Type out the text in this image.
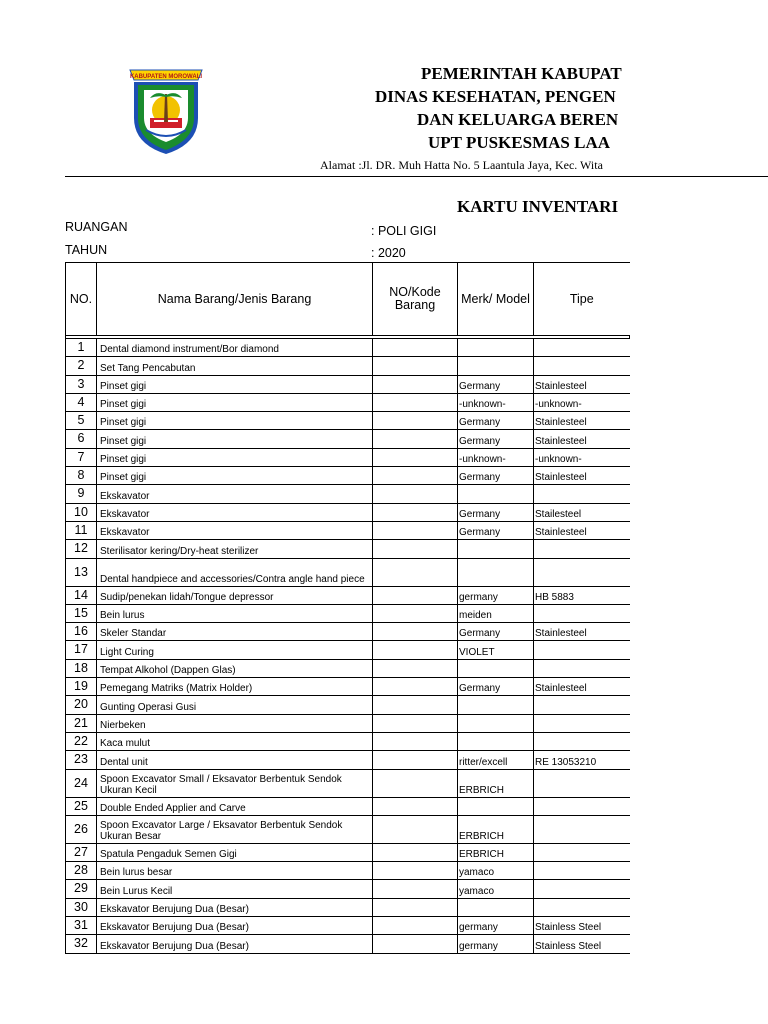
KABUPATEN MOROWALI	PEMERINTAH KABUPAT
DINAS KESEHATAN, PENGEN
DAN KELUARGA BEREN
UPT PUSKESMAS LAA
Alamat :Jl. DR. Muh Hatta No. 5 Laantula Jaya, Kec. Wita
KARTU INVENTARI
RUANGAN	: POLI GIGI
TAHUN	: 2020
NO.	Nama Barang/Jenis Barang	NO/Kode Barang	Merk/ Model	Tipe

1	Dental diamond instrument/Bor diamond			
2	Set Tang Pencabutan			
3	Pinset gigi		Germany	Stainlesteel
4	Pinset gigi		-unknown-	-unknown-
5	Pinset gigi		Germany	Stainlesteel
6	Pinset gigi		Germany	Stainlesteel
7	Pinset gigi		-unknown-	-unknown-
8	Pinset gigi		Germany	Stainlesteel
9	Ekskavator			
10	Ekskavator		Germany	Stailesteel
11	Ekskavator		Germany	Stainlesteel
12	Sterilisator kering/Dry-heat sterilizer			
13	Dental handpiece and accessories/Contra angle hand piece			
14	Sudip/penekan lidah/Tongue depressor		germany	HB 5883
15	Bein lurus		meiden	
16	Skeler Standar		Germany	Stainlesteel
17	Light Curing		VIOLET	
18	Tempat Alkohol (Dappen Glas)			
19	Pemegang Matriks (Matrix Holder)		Germany	Stainlesteel
20	Gunting Operasi Gusi			
21	Nierbeken			
22	Kaca mulut			
23	Dental unit		ritter/excell	RE 13053210
24	Spoon Excavator Small / Eksavator Berbentuk Sendok Ukuran Kecil		ERBRICH	
25	Double Ended Applier and Carve			
26	Spoon Excavator Large / Eksavator Berbentuk Sendok Ukuran Besar		ERBRICH	
27	Spatula Pengaduk Semen Gigi		ERBRICH	
28	Bein lurus besar		yamaco	
29	Bein Lurus Kecil		yamaco	
30	Ekskavator Berujung Dua (Besar)			
31	Ekskavator Berujung Dua (Besar)		germany	Stainless Steel
32	Ekskavator Berujung Dua (Besar)		germany	Stainless Steel
